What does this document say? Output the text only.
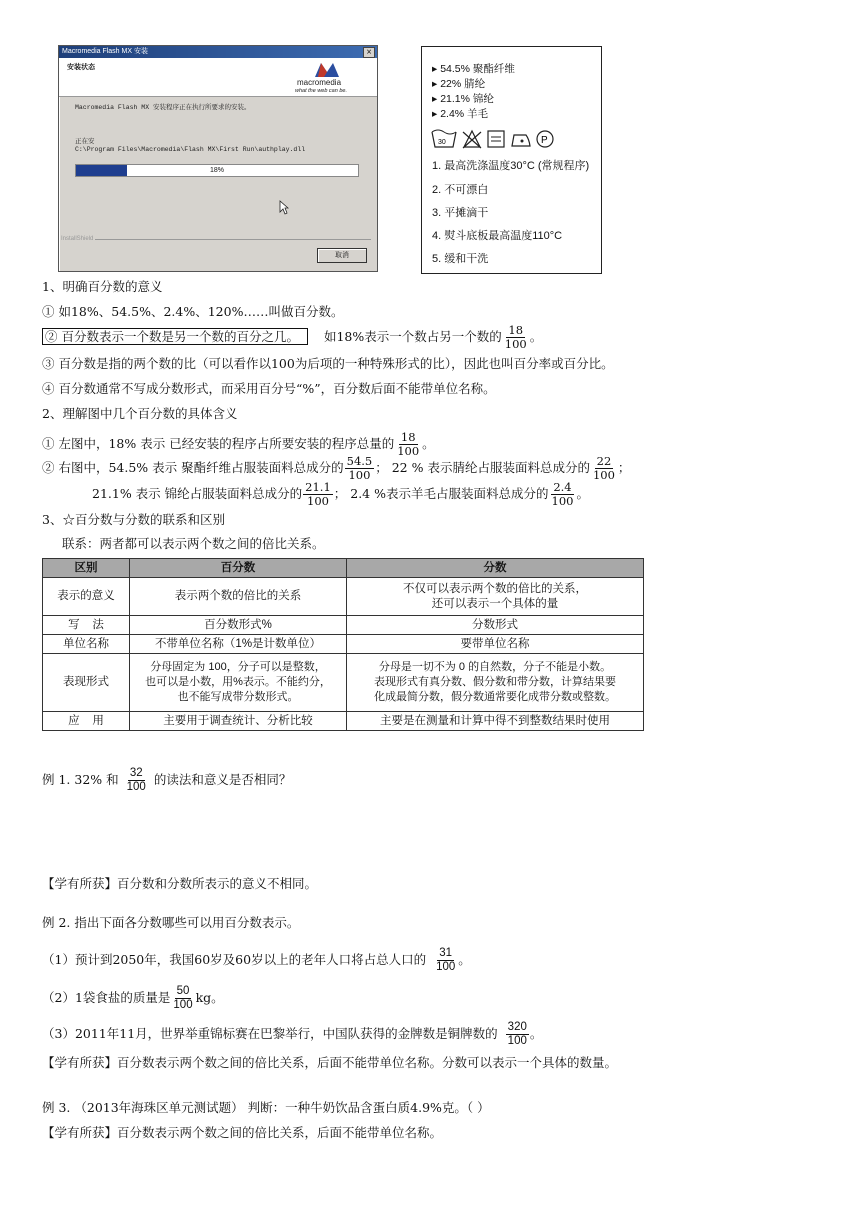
Macromedia Flash MX 安装	×
安装状态
macromedia
what the web can be.
Macromedia Flash MX 安装程序正在执行所要求的安装。
正在安
C:\Program Files\Macromedia\Flash MX\First Run\authplay.dll
18%
InstallShield
取消
▸ 54.5% 聚酯纤维
▸ 22% 腈纶
▸ 21.1% 锦纶
▸ 2.4% 羊毛
30	P
1. 最高洗涤温度30°C (常规程序)
2. 不可漂白
3. 平摊滴干
4. 熨斗底板最高温度110°C
5. 缓和干洗
1、明确百分数的意义
① 如18%、54.5%、2.4%、120%……叫做百分数。
② 百分数表示一个数是另一个数的百分之几。 如18%表示一个数占另一个数的 $\frac{18}{100}$ 。
③ 百分数是指的两个数的比（可以看作以100为后项的一种特殊形式的比），因此也叫百分率或百分比。
④ 百分数通常不写成分数形式，而采用百分号“%”，百分数后面不能带单位名称。
2、理解图中几个百分数的具体含义
① 左图中，18% 表示 已经安装的程序占所要安装的程序总量的 $\frac{18}{100}$ 。
② 右图中，54.5% 表示 聚酯纤维占服装面料总成分的 $\frac{54.5}{100}$ ； 22 % 表示腈纶占服装面料总成分的 $\frac{22}{100}$ ；
21.1% 表示 锦纶占服装面料总成分的 $\frac{21.1}{100}$ ； 2.4 %表示羊毛占服装面料总成分的 $\frac{2.4}{100}$ 。
3、☆百分数与分数的联系和区别
联系：两者都可以表示两个数之间的倍比关系。
区别	百分数	分数
表示的意义	表示两个数的倍比的关系	不仅可以表示两个数的倍比的关系，
还可以表示一个具体的量
写    法	百分数形式%	分数形式
单位名称	不带单位名称（1%是计数单位）	要带单位名称
表现形式	分母固定为 100，分子可以是整数，
也可以是小数，用%表示。不能约分，
也不能写成带分数形式。	分母是一切不为 0 的自然数，分子不能是小数。
表现形式有真分数、假分数和带分数，计算结果要
化成最简分数，假分数通常要化成带分数或整数。
应    用	主要用于调查统计、分析比较	主要是在测量和计算中得不到整数结果时使用
例 1. 32% 和 $\frac{32}{100}$ 的读法和意义是否相同？
【学有所获】百分数和分数所表示的意义不相同。
例 2. 指出下面各分数哪些可以用百分数表示。
（1）预计到2050年，我国60岁及60岁以上的老年人口将占总人口的 $\frac{31}{100}$ 。
（2）1袋食盐的质量是 $\frac{50}{100}$ kg。
（3）2011年11月，世界举重锦标赛在巴黎举行，中国队获得的金牌数是铜牌数的 $\frac{320}{100}$ 。
【学有所获】百分数表示两个数之间的倍比关系，后面不能带单位名称。分数可以表示一个具体的数量。
例 3. （2013年海珠区单元测试题） 判断：一种牛奶饮品含蛋白质4.9%克。（ ）
【学有所获】百分数表示两个数之间的倍比关系，后面不能带单位名称。
